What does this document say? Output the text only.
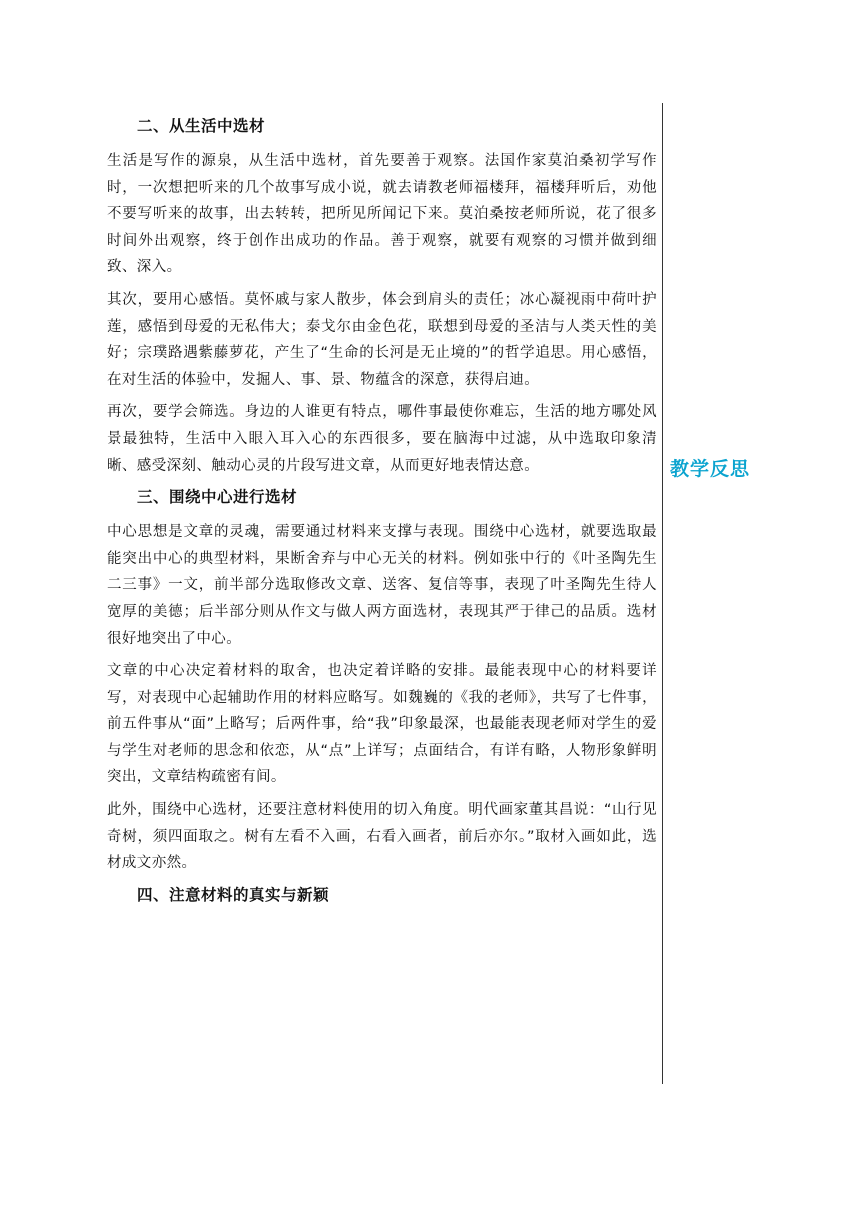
二、从生活中选材

生活是写作的源泉，从生活中选材，首先要善于观察。法国作家莫泊桑初学写作时，一次想把听来的几个故事写成小说，就去请教老师福楼拜，福楼拜听后，劝他不要写听来的故事，出去转转，把所见所闻记下来。莫泊桑按老师所说，花了很多时间外出观察，终于创作出成功的作品。善于观察，就要有观察的习惯并做到细致、深入。

其次，要用心感悟。莫怀戚与家人散步，体会到肩头的责任；冰心凝视雨中荷叶护莲，感悟到母爱的无私伟大；泰戈尔由金色花，联想到母爱的圣洁与人类天性的美好；宗璞路遇紫藤萝花，产生了“生命的长河是无止境的”的哲学追思。用心感悟，在对生活的体验中，发掘人、事、景、物蕴含的深意，获得启迪。

再次，要学会筛选。身边的人谁更有特点，哪件事最使你难忘，生活的地方哪处风景最独特，生活中入眼入耳入心的东西很多，要在脑海中过滤，从中选取印象清晰、感受深刻、触动心灵的片段写进文章，从而更好地表情达意。

三、围绕中心进行选材

中心思想是文章的灵魂，需要通过材料来支撑与表现。围绕中心选材，就要选取最能突出中心的典型材料，果断舍弃与中心无关的材料。例如张中行的《叶圣陶先生二三事》一文，前半部分选取修改文章、送客、复信等事，表现了叶圣陶先生待人宽厚的美德；后半部分则从作文与做人两方面选材，表现其严于律己的品质。选材很好地突出了中心。

文章的中心决定着材料的取舍，也决定着详略的安排。最能表现中心的材料要详写，对表现中心起辅助作用的材料应略写。如魏巍的《我的老师》，共写了七件事，前五件事从“面”上略写；后两件事，给“我”印象最深，也最能表现老师对学生的爱与学生对老师的思念和依恋，从“点”上详写；点面结合，有详有略，人物形象鲜明突出，文章结构疏密有间。

此外，围绕中心选材，还要注意材料使用的切入角度。明代画家董其昌说：“山行见奇树，须四面取之。树有左看不入画，右看入画者，前后亦尔。”取材入画如此，选材成文亦然。

四、注意材料的真实与新颖
教学反思
